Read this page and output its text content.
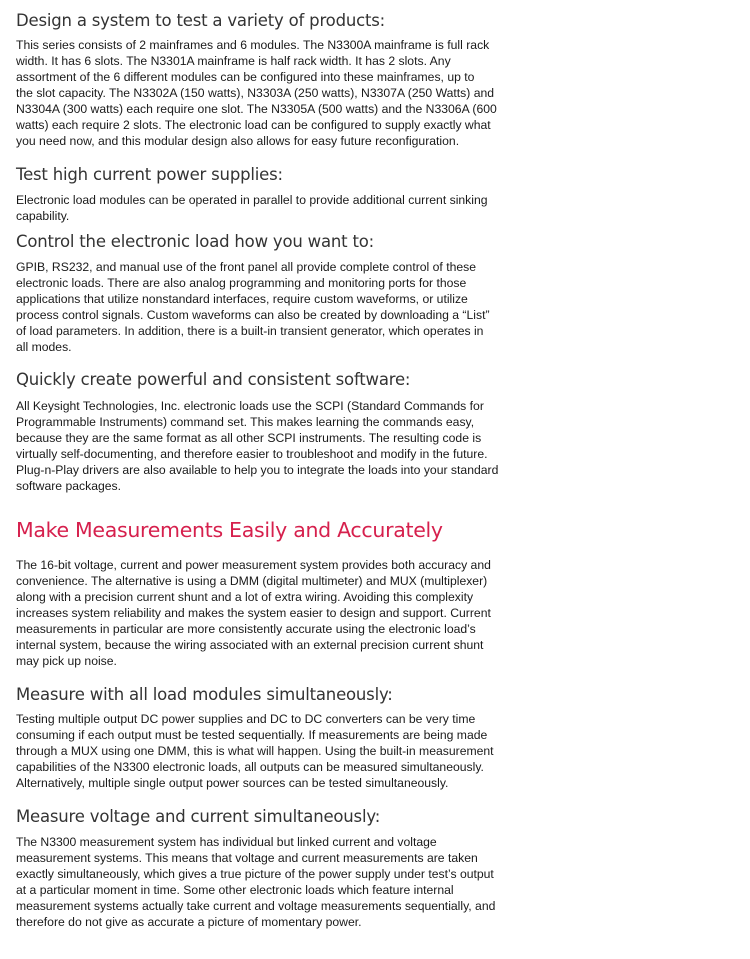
Design a system to test a variety of products:
This series consists of 2 mainframes and 6 modules. The N3300A mainframe is full rack
width. It has 6 slots. The N3301A mainframe is half rack width. It has 2 slots. Any
assortment of the 6 different modules can be configured into these mainframes, up to
the slot capacity. The N3302A (150 watts), N3303A (250 watts), N3307A (250 Watts) and
N3304A (300 watts) each require one slot. The N3305A (500 watts) and the N3306A (600
watts) each require 2 slots. The electronic load can be configured to supply exactly what
you need now, and this modular design also allows for easy future reconfiguration.
Test high current power supplies:
Electronic load modules can be operated in parallel to provide additional current sinking
capability.
Control the electronic load how you want to:
GPIB, RS232, and manual use of the front panel all provide complete control of these
electronic loads. There are also analog programming and monitoring ports for those
applications that utilize nonstandard interfaces, require custom waveforms, or utilize
process control signals. Custom waveforms can also be created by downloading a “List”
of load parameters. In addition, there is a built-in transient generator, which operates in
all modes.
Quickly create powerful and consistent software:
All Keysight Technologies, Inc. electronic loads use the SCPI (Standard Commands for
Programmable Instruments) command set. This makes learning the commands easy,
because they are the same format as all other SCPI instruments. The resulting code is
virtually self-documenting, and therefore easier to troubleshoot and modify in the future.
Plug-n-Play drivers are also available to help you to integrate the loads into your standard
software packages.
Make Measurements Easily and Accurately
The 16-bit voltage, current and power measurement system provides both accuracy and
convenience. The alternative is using a DMM (digital multimeter) and MUX (multiplexer)
along with a precision current shunt and a lot of extra wiring. Avoiding this complexity
increases system reliability and makes the system easier to design and support. Current
measurements in particular are more consistently accurate using the electronic load’s
internal system, because the wiring associated with an external precision current shunt
may pick up noise.
Measure with all load modules simultaneously:
Testing multiple output DC power supplies and DC to DC converters can be very time
consuming if each output must be tested sequentially. If measurements are being made
through a MUX using one DMM, this is what will happen. Using the built-in measurement
capabilities of the N3300 electronic loads, all outputs can be measured simultaneously.
Alternatively, multiple single output power sources can be tested simultaneously.
Measure voltage and current simultaneously:
The N3300 measurement system has individual but linked current and voltage
measurement systems. This means that voltage and current measurements are taken
exactly simultaneously, which gives a true picture of the power supply under test’s output
at a particular moment in time. Some other electronic loads which feature internal
measurement systems actually take current and voltage measurements sequentially, and
therefore do not give as accurate a picture of momentary power.
